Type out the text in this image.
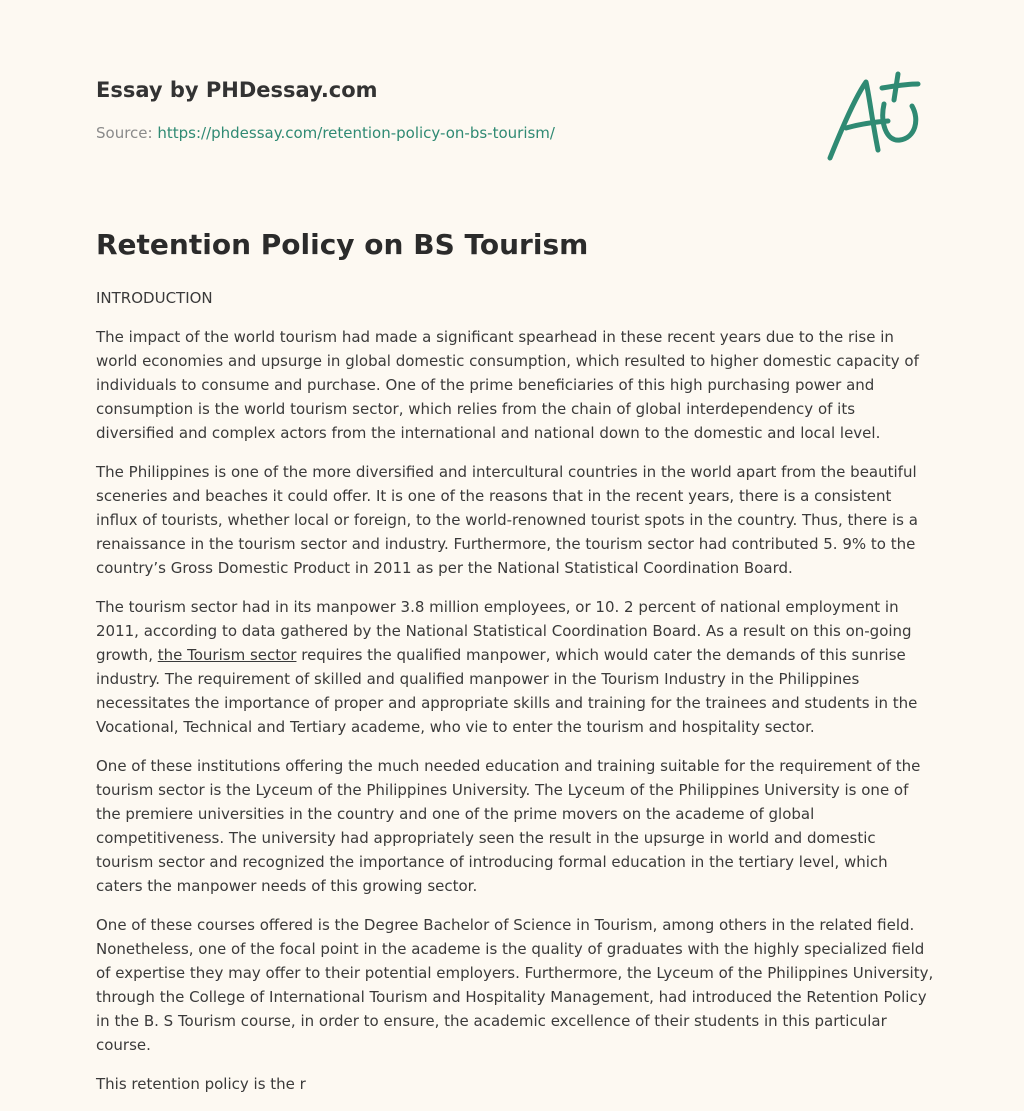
Essay by PHDessay.com

Source: https://phdessay.com/retention-policy-on-bs-tourism/

Retention Policy on BS Tourism

INTRODUCTION

The impact of the world tourism had made a significant spearhead in these recent years due to the rise in world economies and upsurge in global domestic consumption, which resulted to higher domestic capacity of individuals to consume and purchase. One of the prime beneficiaries of this high purchasing power and consumption is the world tourism sector, which relies from the chain of global interdependency of its diversified and complex actors from the international and national down to the domestic and local level.

The Philippines is one of the more diversified and intercultural countries in the world apart from the beautiful sceneries and beaches it could offer. It is one of the reasons that in the recent years, there is a consistent influx of tourists, whether local or foreign, to the world-renowned tourist spots in the country. Thus, there is a renaissance in the tourism sector and industry. Furthermore, the tourism sector had contributed 5. 9% to the country’s Gross Domestic Product in 2011 as per the National Statistical Coordination Board.

The tourism sector had in its manpower 3.8 million employees, or 10. 2 percent of national employment in 2011, according to data gathered by the National Statistical Coordination Board. As a result on this on-going growth, the Tourism sector requires the qualified manpower, which would cater the demands of this sunrise industry. The requirement of skilled and qualified manpower in the Tourism Industry in the Philippines necessitates the importance of proper and appropriate skills and training for the trainees and students in the Vocational, Technical and Tertiary academe, who vie to enter the tourism and hospitality sector.

One of these institutions offering the much needed education and training suitable for the requirement of the tourism sector is the Lyceum of the Philippines University. The Lyceum of the Philippines University is one of the premiere universities in the country and one of the prime movers on the academe of global competitiveness. The university had appropriately seen the result in the upsurge in world and domestic tourism sector and recognized the importance of introducing formal education in the tertiary level, which caters the manpower needs of this growing sector.

One of these courses offered is the Degree Bachelor of Science in Tourism, among others in the related field. Nonetheless, one of the focal point in the academe is the quality of graduates with the highly specialized field of expertise they may offer to their potential employers. Furthermore, the Lyceum of the Philippines University, through the College of International Tourism and Hospitality Management, had introduced the Retention Policy in the B. S Tourism course, in order to ensure, the academic excellence of their students in this particular course.

This retention policy is the r
